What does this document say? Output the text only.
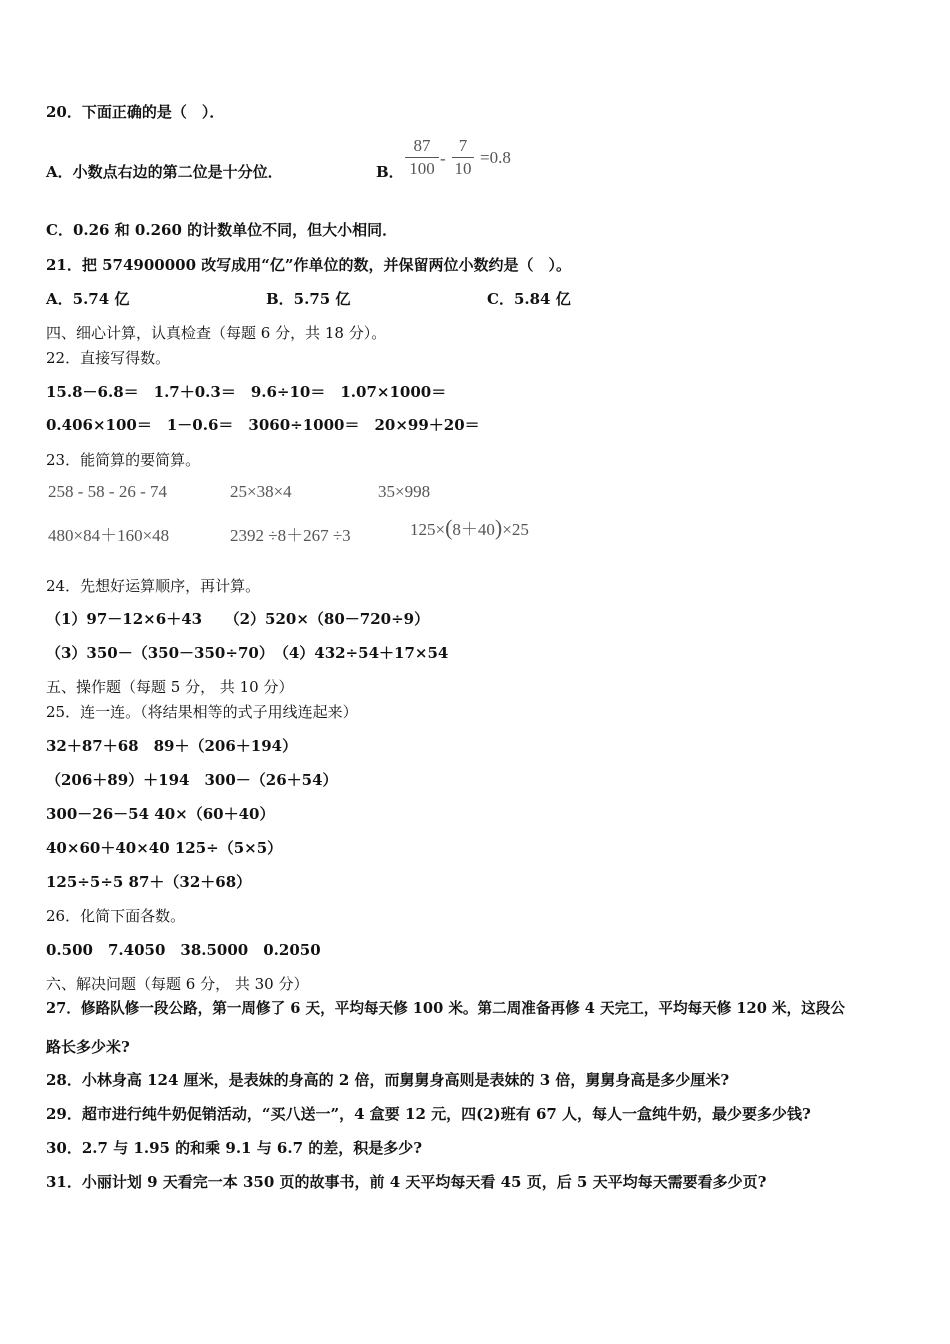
20．下面正确的是（　）．
A．小数点右边的第二位是十分位．	B．
87
100
-
7
10
=0.8
C．0.26 和 0.260 的计数单位不同，但大小相同．
21．把 574900000 改写成用“亿”作单位的数，并保留两位小数约是（　）。
A．5.74 亿	B．5.75 亿	C．5.84 亿
四、细心计算，认真检查（每题 6 分，共 18 分）。
22．直接写得数。
15.8－6.8＝　1.7＋0.3＝　9.6÷10＝　1.07×1000＝
0.406×100＝　1－0.6＝　3060÷1000＝　20×99＋20＝
23．能简算的要简算。
258 - 58 - 26 - 74	25×38×4	35×998
480×84＋160×48	2392 ÷8＋267 ÷3	125×(8＋40)×25
24．先想好运算顺序，再计算。
（1）97－12×6＋43　　（2）520×（80－720÷9）
（3）350－（350－350÷70）　（4）432÷54＋17×54
五、操作题（每题 5 分， 共 10 分）
25．连一连。（将结果相等的式子用线连起来）
32＋87＋68　89＋（206＋194）
（206＋89）＋194　300－（26＋54）
300－26－54 40×（60＋40）
40×60＋40×40 125÷（5×5）
125÷5÷5 87＋（32＋68）
26．化简下面各数。
0.500　7.4050　38.5000　0.2050
六、解决问题（每题 6 分， 共 30 分）
27．修路队修一段公路，第一周修了 6 天，平均每天修 100 米。第二周准备再修 4 天完工，平均每天修 120 米，这段公
路长多少米?
28．小林身高 124 厘米，是表妹的身高的 2 倍，而舅舅身高则是表妹的 3 倍，舅舅身高是多少厘米?
29．超市进行纯牛奶促销活动，“买八送一”，4 盒要 12 元，四(2)班有 67 人，每人一盒纯牛奶，最少要多少钱?
30．2.7 与 1.95 的和乘 9.1 与 6.7 的差，积是多少?
31．小丽计划 9 天看完一本 350 页的故事书，前 4 天平均每天看 45 页，后 5 天平均每天需要看多少页?
